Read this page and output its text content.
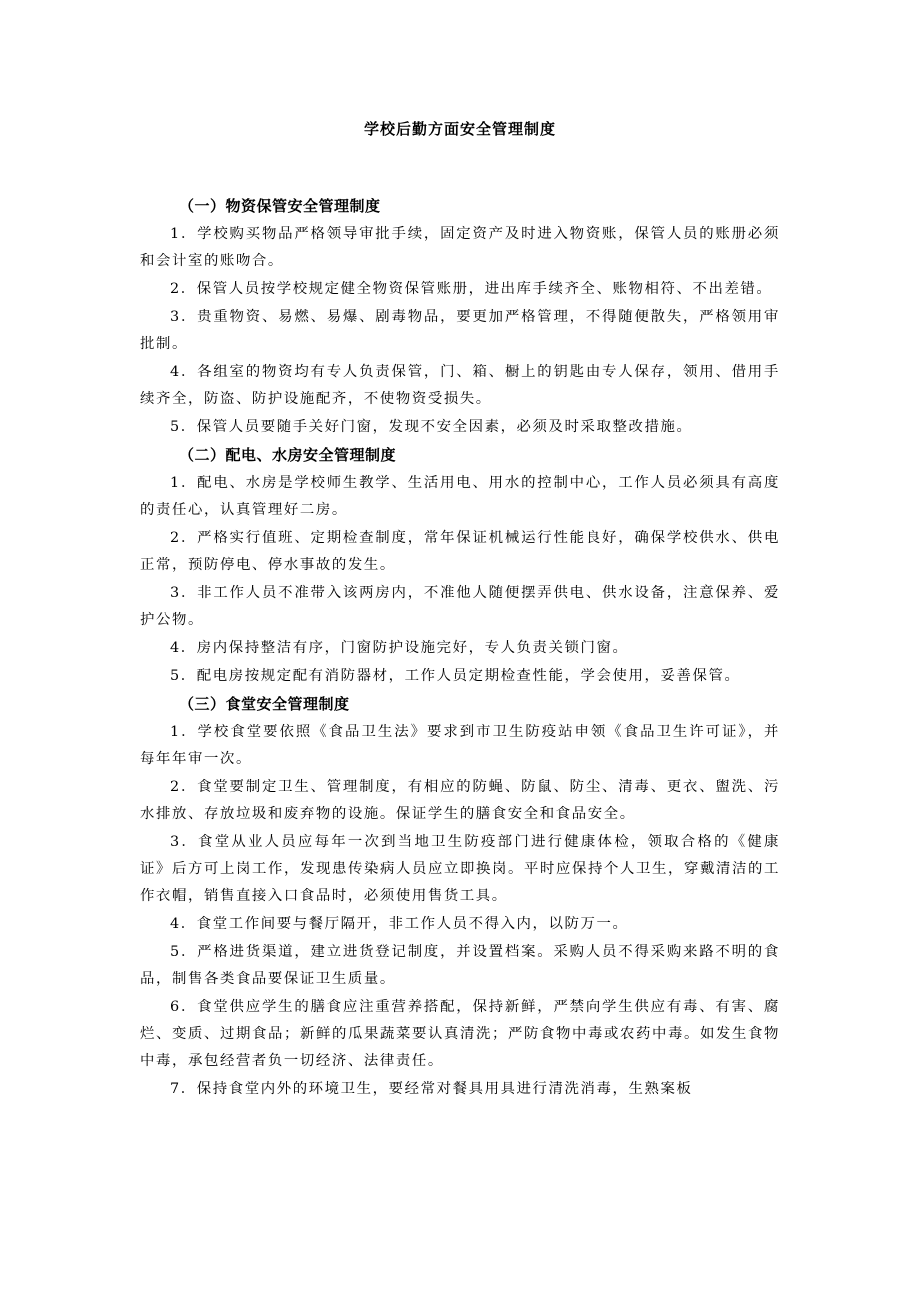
学校后勤方面安全管理制度

（一）物资保管安全管理制度

1．学校购买物品严格领导审批手续，固定资产及时进入物资账，保管人员的账册必须和会计室的账吻合。

2．保管人员按学校规定健全物资保管账册，进出库手续齐全、账物相符、不出差错。

3．贵重物资、易燃、易爆、剧毒物品，要更加严格管理，不得随便散失，严格领用审批制。

4．各组室的物资均有专人负责保管，门、箱、橱上的钥匙由专人保存，领用、借用手续齐全，防盗、防护设施配齐，不使物资受损失。

5．保管人员要随手关好门窗，发现不安全因素，必须及时采取整改措施。

（二）配电、水房安全管理制度

1．配电、水房是学校师生教学、生活用电、用水的控制中心，工作人员必须具有高度的责任心，认真管理好二房。

2．严格实行值班、定期检查制度，常年保证机械运行性能良好，确保学校供水、供电正常，预防停电、停水事故的发生。

3．非工作人员不准带入该两房内，不准他人随便摆弄供电、供水设备，注意保养、爱护公物。

4．房内保持整洁有序，门窗防护设施完好，专人负责关锁门窗。

5．配电房按规定配有消防器材，工作人员定期检查性能，学会使用，妥善保管。

（三）食堂安全管理制度

1．学校食堂要依照《食品卫生法》要求到市卫生防疫站申领《食品卫生许可证》，并每年年审一次。

2．食堂要制定卫生、管理制度，有相应的防蝇、防鼠、防尘、清毒、更衣、盥洗、污水排放、存放垃圾和废弃物的设施。保证学生的膳食安全和食品安全。

3．食堂从业人员应每年一次到当地卫生防疫部门进行健康体检，领取合格的《健康证》后方可上岗工作，发现患传染病人员应立即换岗。平时应保持个人卫生，穿戴清洁的工作衣帽，销售直接入口食品时，必须使用售货工具。

4．食堂工作间要与餐厅隔开，非工作人员不得入内，以防万一。

5．严格进货渠道，建立进货登记制度，并设置档案。采购人员不得采购来路不明的食品，制售各类食品要保证卫生质量。

6．食堂供应学生的膳食应注重营养搭配，保持新鲜，严禁向学生供应有毒、有害、腐烂、变质、过期食品；新鲜的瓜果蔬菜要认真清洗；严防食物中毒或农药中毒。如发生食物中毒，承包经营者负一切经济、法律责任。

7．保持食堂内外的环境卫生，要经常对餐具用具进行清洗消毒，生熟案板
